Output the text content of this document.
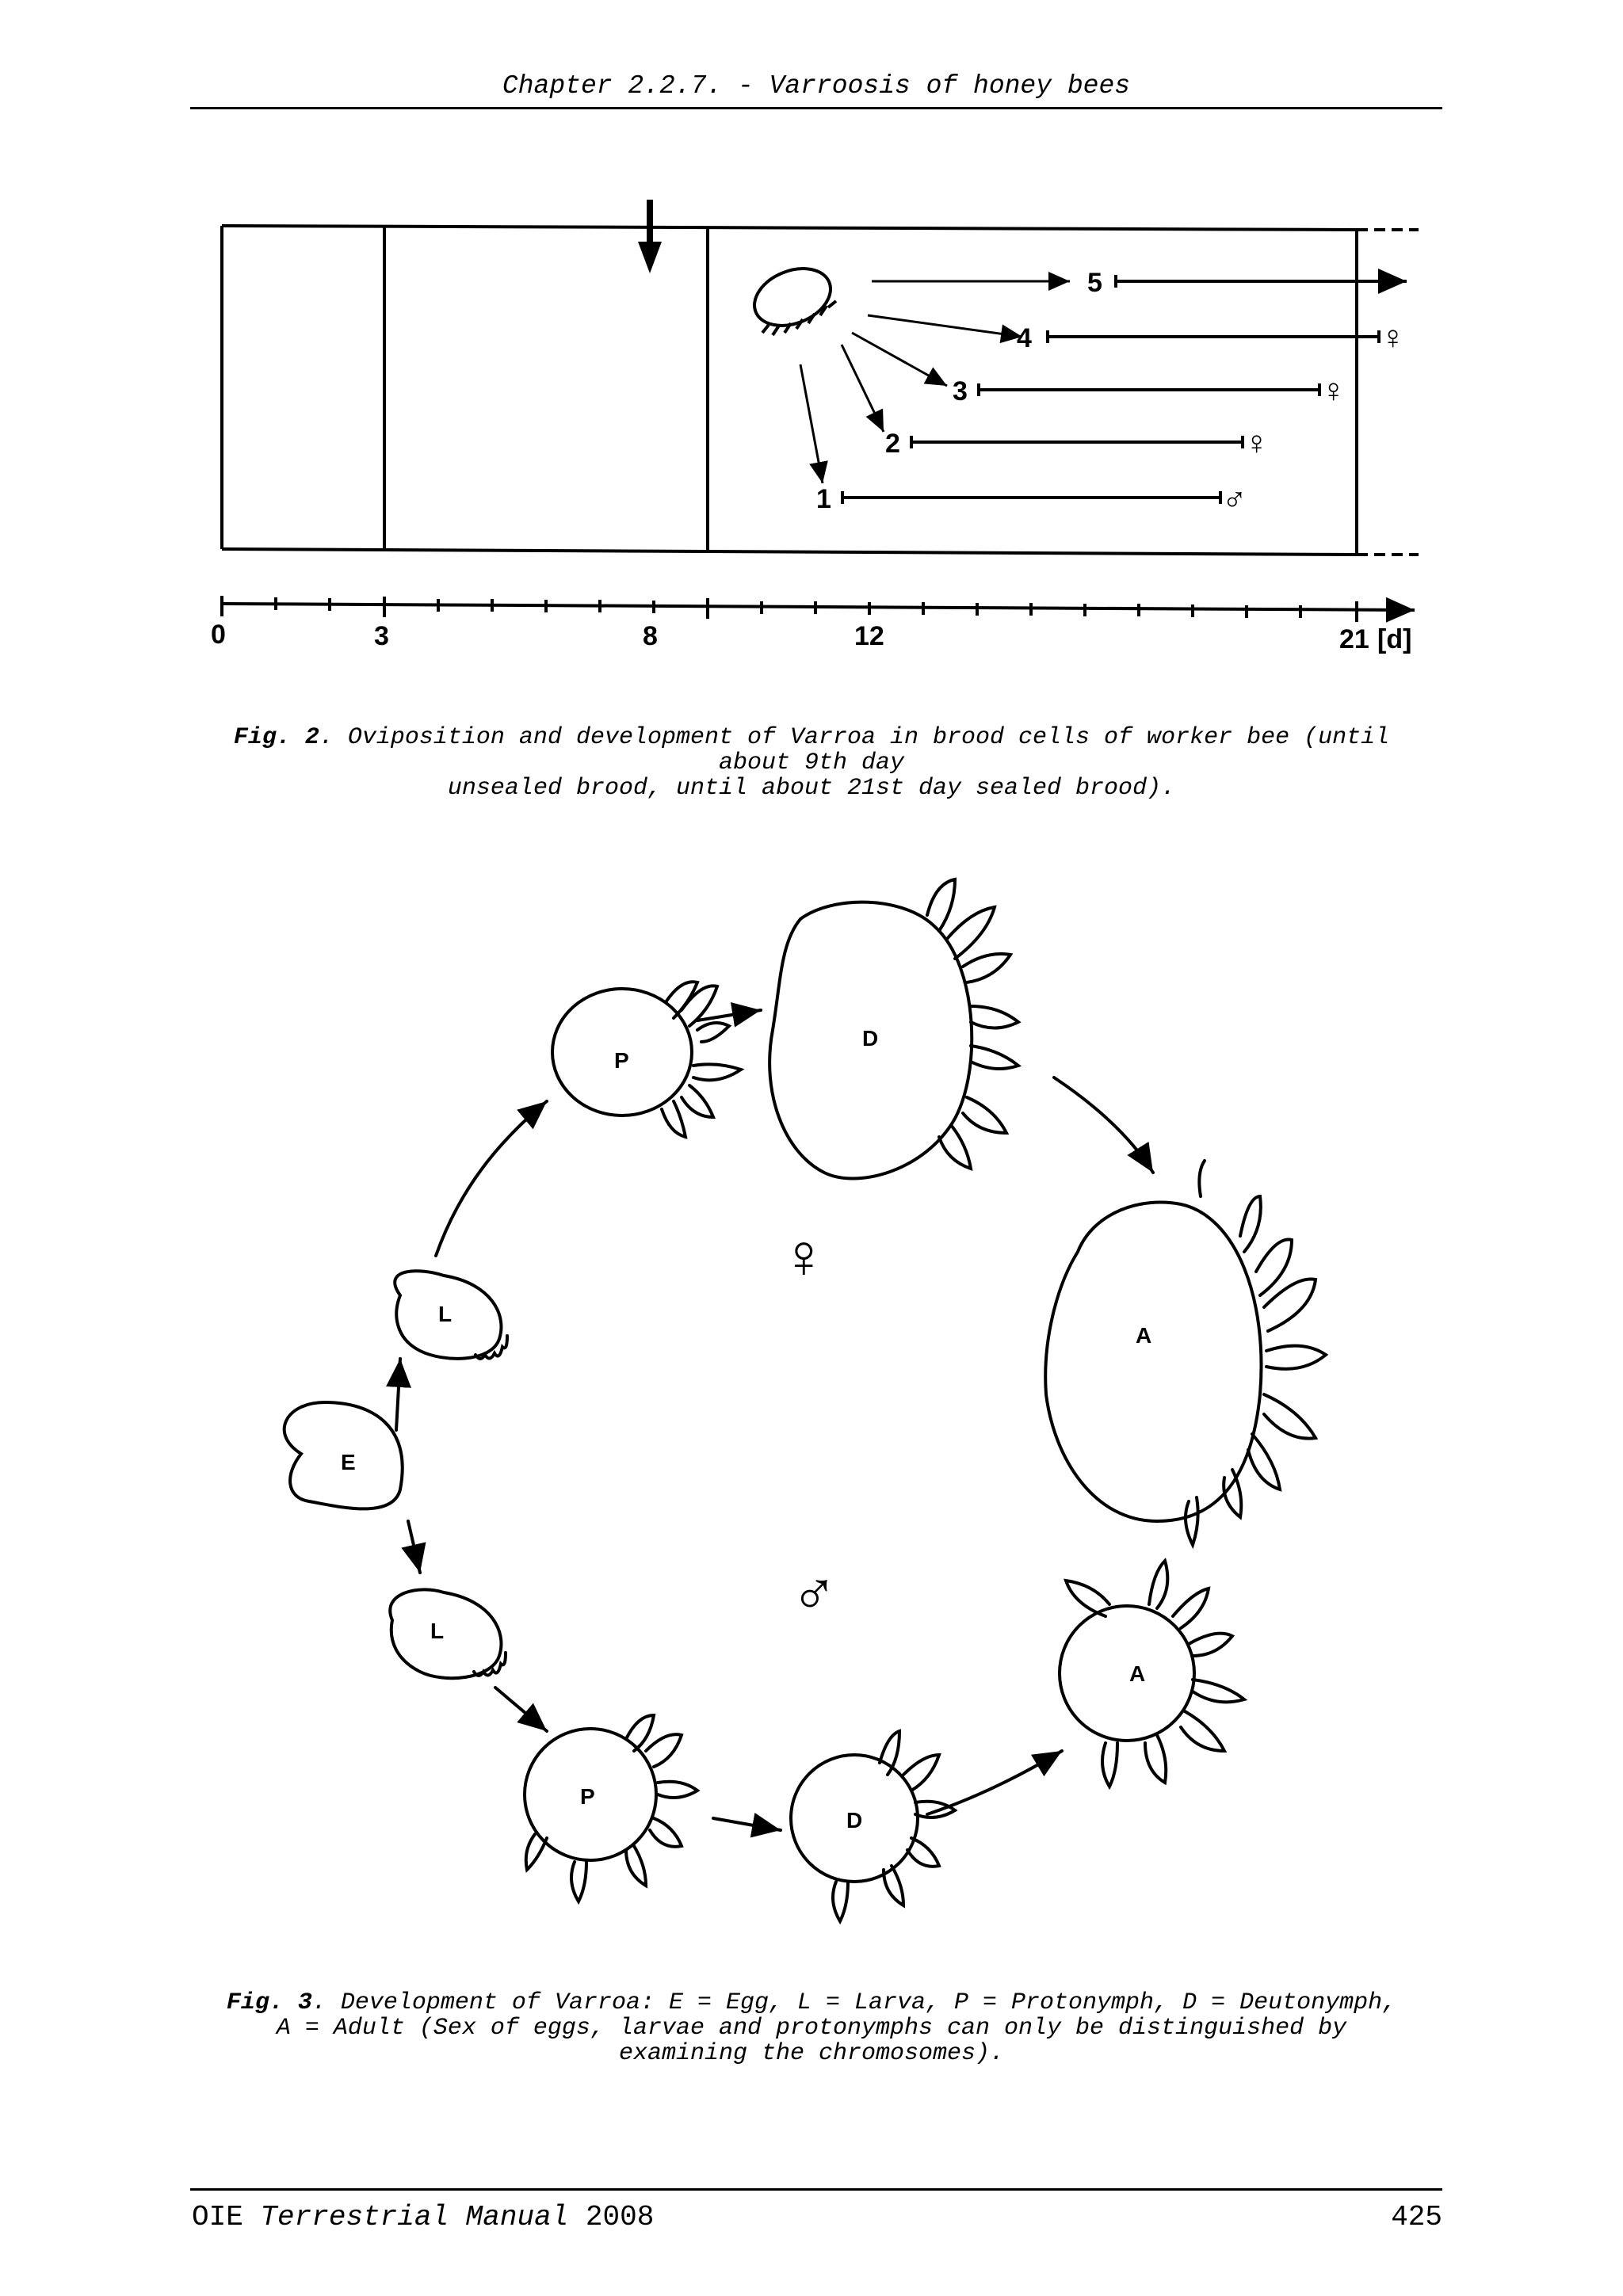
Chapter 2.2.7. - Varroosis of honey bees
5
4
3
2
1
♀
♀
♀
♂
0	3	8	12	21 [d]
Fig. 2. Oviposition and development of Varroa in brood cells of worker bee (until
about 9th day
unsealed brood, until about 21st day sealed brood).
E
L
L
P
D
A
P
D
A
♀
♂
Fig. 3. Development of Varroa: E = Egg, L = Larva, P = Protonymph, D = Deutonymph,
A = Adult (Sex of eggs, larvae and protonymphs can only be distinguished by
examining the chromosomes).
OIE Terrestrial Manual 2008	425
